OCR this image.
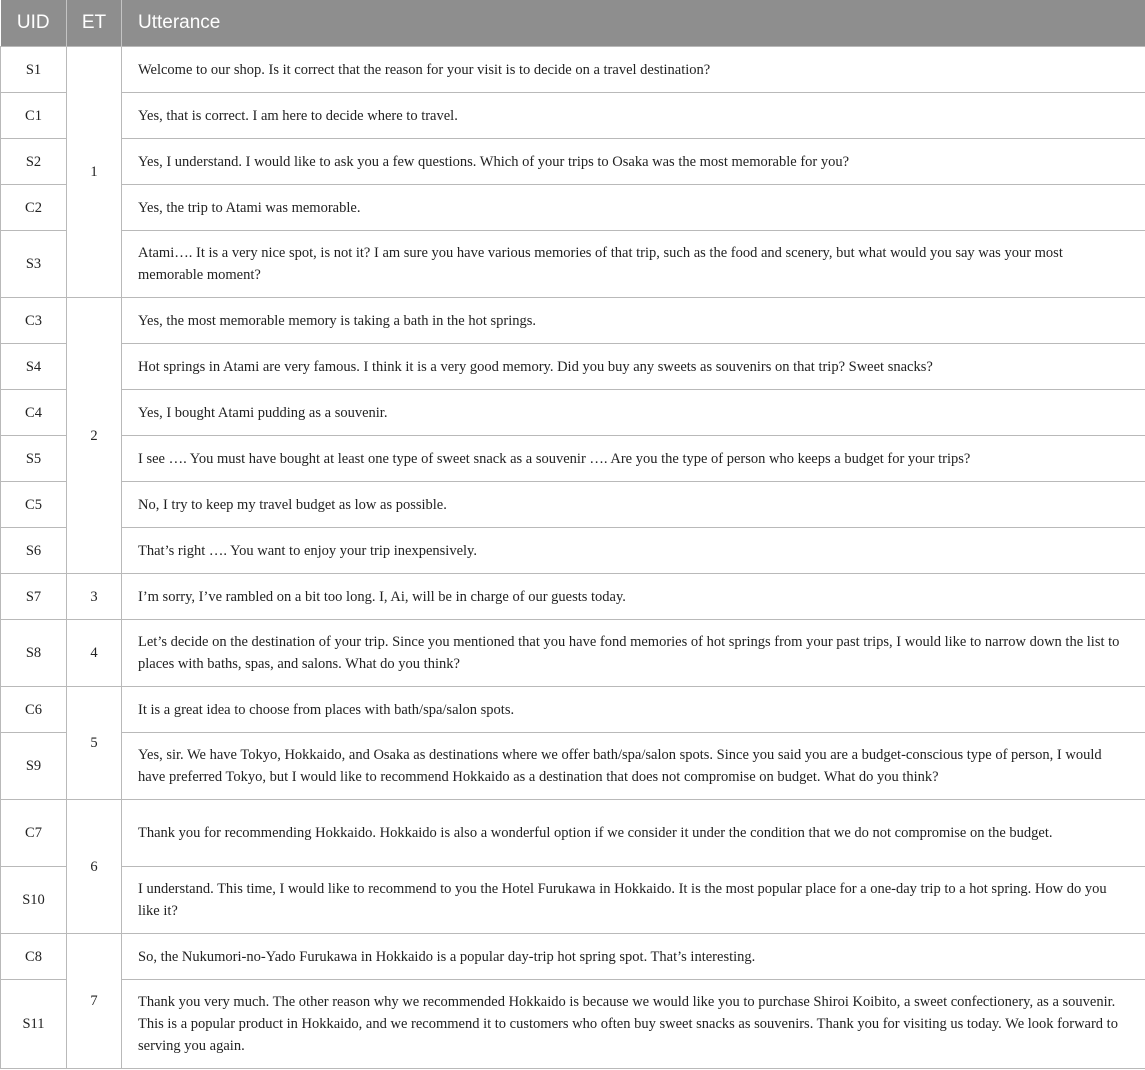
UID	ET	Utterance
S1	1	Welcome to our shop. Is it correct that the reason for your visit is to decide on a travel destination?
C1		Yes, that is correct. I am here to decide where to travel.
S2		Yes, I understand. I would like to ask you a few questions. Which of your trips to Osaka was the most memorable for you?
C2		Yes, the trip to Atami was memorable.
S3		Atami…. It is a very nice spot, is not it? I am sure you have various memories of that trip, such as the food and scenery, but what would you say was your most memorable moment?
C3	2	Yes, the most memorable memory is taking a bath in the hot springs.
S4		Hot springs in Atami are very famous. I think it is a very good memory. Did you buy any sweets as souvenirs on that trip? Sweet snacks?
C4		Yes, I bought Atami pudding as a souvenir.
S5		I see …. You must have bought at least one type of sweet snack as a souvenir …. Are you the type of person who keeps a budget for your trips?
C5		No, I try to keep my travel budget as low as possible.
S6		That’s right …. You want to enjoy your trip inexpensively.
S7	3	I’m sorry, I’ve rambled on a bit too long. I, Ai, will be in charge of our guests today.
S8	4	Let’s decide on the destination of your trip. Since you mentioned that you have fond memories of hot springs from your past trips, I would like to narrow down the list to places with baths, spas, and salons. What do you think?
C6	5	It is a great idea to choose from places with bath/spa/salon spots.
S9		Yes, sir. We have Tokyo, Hokkaido, and Osaka as destinations where we offer bath/spa/salon spots. Since you said you are a budget-conscious type of person, I would have preferred Tokyo, but I would like to recommend Hokkaido as a destination that does not compromise on budget. What do you think?
C7	6	Thank you for recommending Hokkaido. Hokkaido is also a wonderful option if we consider it under the condition that we do not compromise on the budget.
S10		I understand. This time, I would like to recommend to you the Hotel Furukawa in Hokkaido. It is the most popular place for a one-day trip to a hot spring. How do you like it?
C8	7	So, the Nukumori-no-Yado Furukawa in Hokkaido is a popular day-trip hot spring spot. That’s interesting.
S11		Thank you very much. The other reason why we recommended Hokkaido is because we would like you to purchase Shiroi Koibito, a sweet confectionery, as a souvenir. This is a popular product in Hokkaido, and we recommend it to customers who often buy sweet snacks as souvenirs. Thank you for visiting us today. We look forward to serving you again.
